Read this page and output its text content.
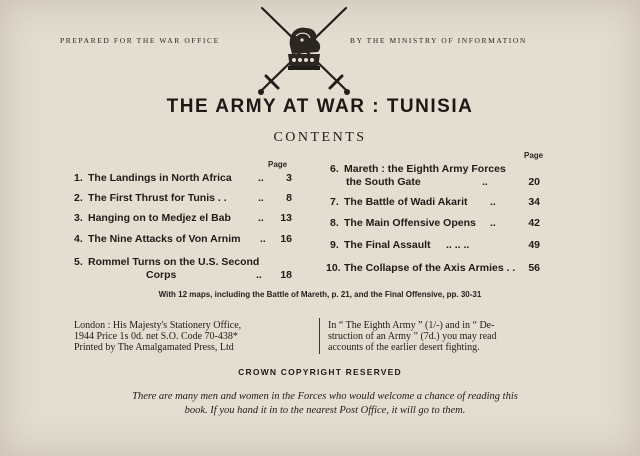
PREPARED FOR THE WAR OFFICE	BY THE MINISTRY OF INFORMATION
THE ARMY AT WAR : TUNISIA
CONTENTS
Page
Page
1. The Landings in North Africa	..	3
2. The First Thrust for Tunis . .	..	8
3. Hanging on to Medjez el Bab	..	13
4. The Nine Attacks of Von Arnim ..	16
5. Rommel Turns on the U.S. Second
Corps	..	18
6. Mareth : the Eighth Army Forces
the South Gate	..	20
7. The Battle of Wadi Akarit ..	34
8. The Main Offensive Opens ..	42
9. The Final Assault .. .. ..	49
10. The Collapse of the Axis Armies . .	56
With 12 maps, including the Battle of Mareth, p. 21, and the Final Offensive, pp. 30-31
London : His Majesty's Stationery Office,
1944 Price 1s 0d. net S.O. Code 70-438*
Printed by The Amalgamated Press, Ltd
In “ The Eighth Army ” (1/-) and in “ De-
struction of an Army ” (7d.) you may read
accounts of the earlier desert fighting.
CROWN COPYRIGHT RESERVED
There are many men and women in the Forces who would welcome a chance of reading this
book. If you hand it in to the nearest Post Office, it will go to them.
